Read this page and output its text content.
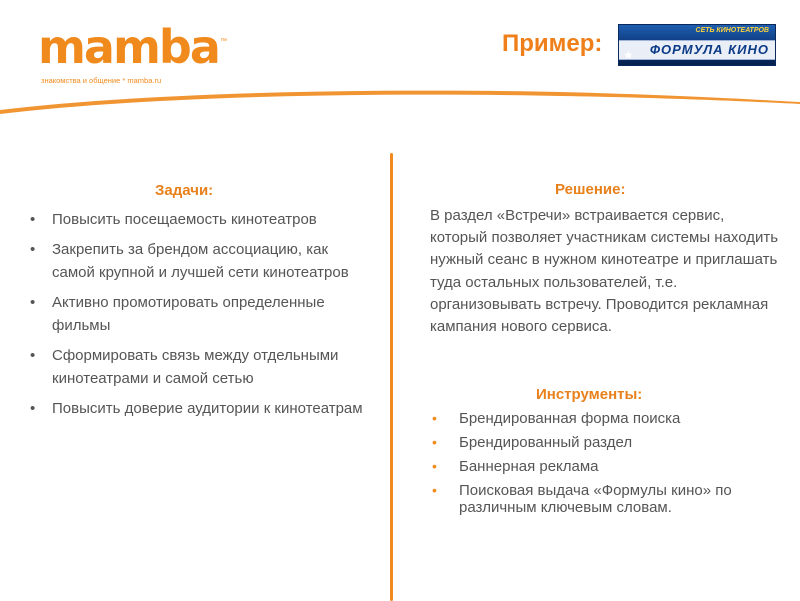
mamba ™
знакомства и общение * mamba.ru
Пример:	СЕТЬ КИНОТЕАТРОВ
★ ФОРМУЛА КИНО
Задачи:
• Повысить посещаемость кинотеатров
• Закрепить за брендом ассоциацию, как самой крупной и лучшей сети кинотеатров
• Активно промотировать определенные фильмы
• Сформировать связь между отдельными кинотеатрами и самой сетью
• Повысить доверие аудитории к кинотеатрам
Решение:
В раздел «Встречи» встраивается сервис, который позволяет участникам системы находить нужный сеанс в нужном кинотеатре и приглашать туда остальных пользователей, т.е. организовывать встречу. Проводится рекламная кампания нового сервиса.
Инструменты:
• Брендированная форма поиска
• Брендированный раздел
• Баннерная реклама
• Поисковая выдача «Формулы кино» по различным ключевым словам.
